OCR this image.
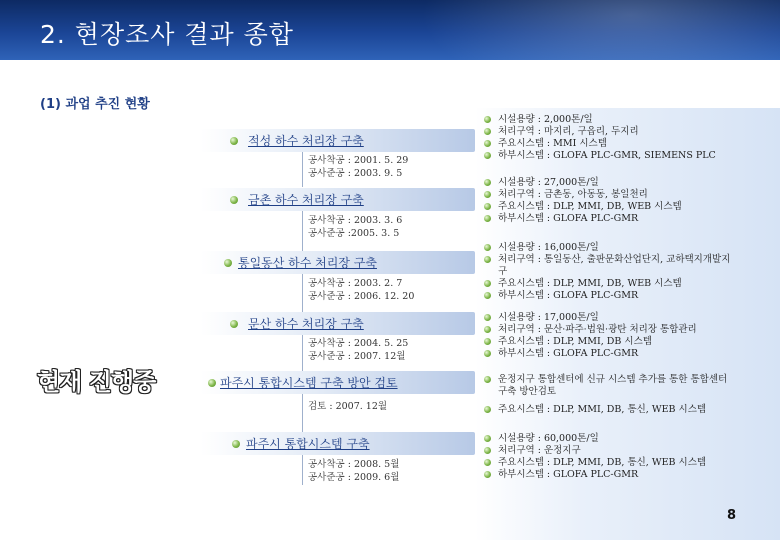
2. 현장조사 결과 종합
(1) 과업 추진 현황
적성 하수 처리장 구축
공사착공 : 2001. 5. 29
공사준공 : 2003. 9. 5
금촌 하수 처리장 구축
공사착공 : 2003. 3. 6
공사준공 :2005. 3. 5
통일동산 하수 처리장 구축
공사착공 : 2003. 2. 7
공사준공 : 2006. 12. 20
문산 하수 처리장 구축
공사착공 : 2004. 5. 25
공사준공 : 2007. 12월
현재 진행중	파주시 통합시스템 구축 방안 검토
검토 : 2007. 12월
파주시 통합시스템 구축
공사착공 : 2008. 5월
공사준공 : 2009. 6월
시설용량 : 2,000톤/일
처리구역 : 마지리, 구읍리, 두지리
주요시스템 : MMI 시스템
하부시스템 : GLOFA PLC-GMR, SIEMENS PLC
시설용량 : 27,000톤/일
처리구역 : 금촌동, 아동동, 봉일천리
주요시스템 : DLP, MMI, DB, WEB 시스템
하부시스템 : GLOFA PLC-GMR
시설용량 : 16,000톤/일
처리구역 : 통일동산, 출판문화산업단지, 교하택지개발지구
주요시스템 : DLP, MMI, DB, WEB 시스템
하부시스템 : GLOFA PLC-GMR
시설용량 : 17,000톤/일
처리구역 : 문산·파주·법원·광탄 처리장 통합관리
주요시스템 : DLP, MMI, DB 시스템
하부시스템 : GLOFA PLC-GMR
운정지구 통합센터에 신규 시스템 추가를 통한 통합센터 구축 방안검토
주요시스템 : DLP, MMI, DB, 통신, WEB 시스템
시설용량 : 60,000톤/일
처리구역 : 운정지구
주요시스템 : DLP, MMI, DB, 통신, WEB 시스템
하부시스템 : GLOFA PLC-GMR
8
